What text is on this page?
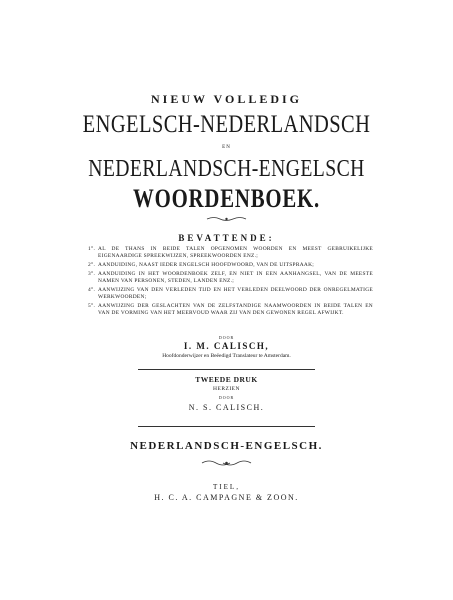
NIEUW VOLLEDIG
ENGELSCH-NEDERLANDSCH
EN
NEDERLANDSCH-ENGELSCH
WOORDENBOEK.
BEVATTENDE:
1°. AL DE THANS IN BEIDE TALEN OPGENOMEN WOORDEN EN MEEST GEBRUIKELIJKE EIGENAARDIGE SPREEKWIJZEN, SPREEKWOORDEN ENZ.;
2°. AANDUIDING, NAAST IEDER ENGELSCH HOOFDWOORD, VAN DE UITSPRAAK;
3°. AANDUIDING IN HET WOORDENBOEK ZELF, EN NIET IN EEN AANHANGSEL, VAN DE MEESTE NAMEN VAN PERSONEN, STEDEN, LANDEN ENZ.;
4°. AANWIJZING VAN DEN VERLEDEN TIJD EN HET VERLEDEN DEELWOORD DER ONREGELMATIGE WERKWOORDEN;
5°. AANWIJZING DER GESLACHTEN VAN DE ZELFSTANDIGE NAAMWOORDEN IN BEIDE TALEN EN VAN DE VORMING VAN HET MEERVOUD WAAR ZIJ VAN DEN GEWONEN REGEL AFWIJKT.
DOOR
I. M. CALISCH,
Hoofdonderwijzer en Beëedigd Translateur te Amsterdam.
TWEEDE DRUK
HERZIEN
DOOR
N. S. CALISCH.
NEDERLANDSCH-ENGELSCH.
TIEL,
H. C. A. CAMPAGNE & ZOON.
